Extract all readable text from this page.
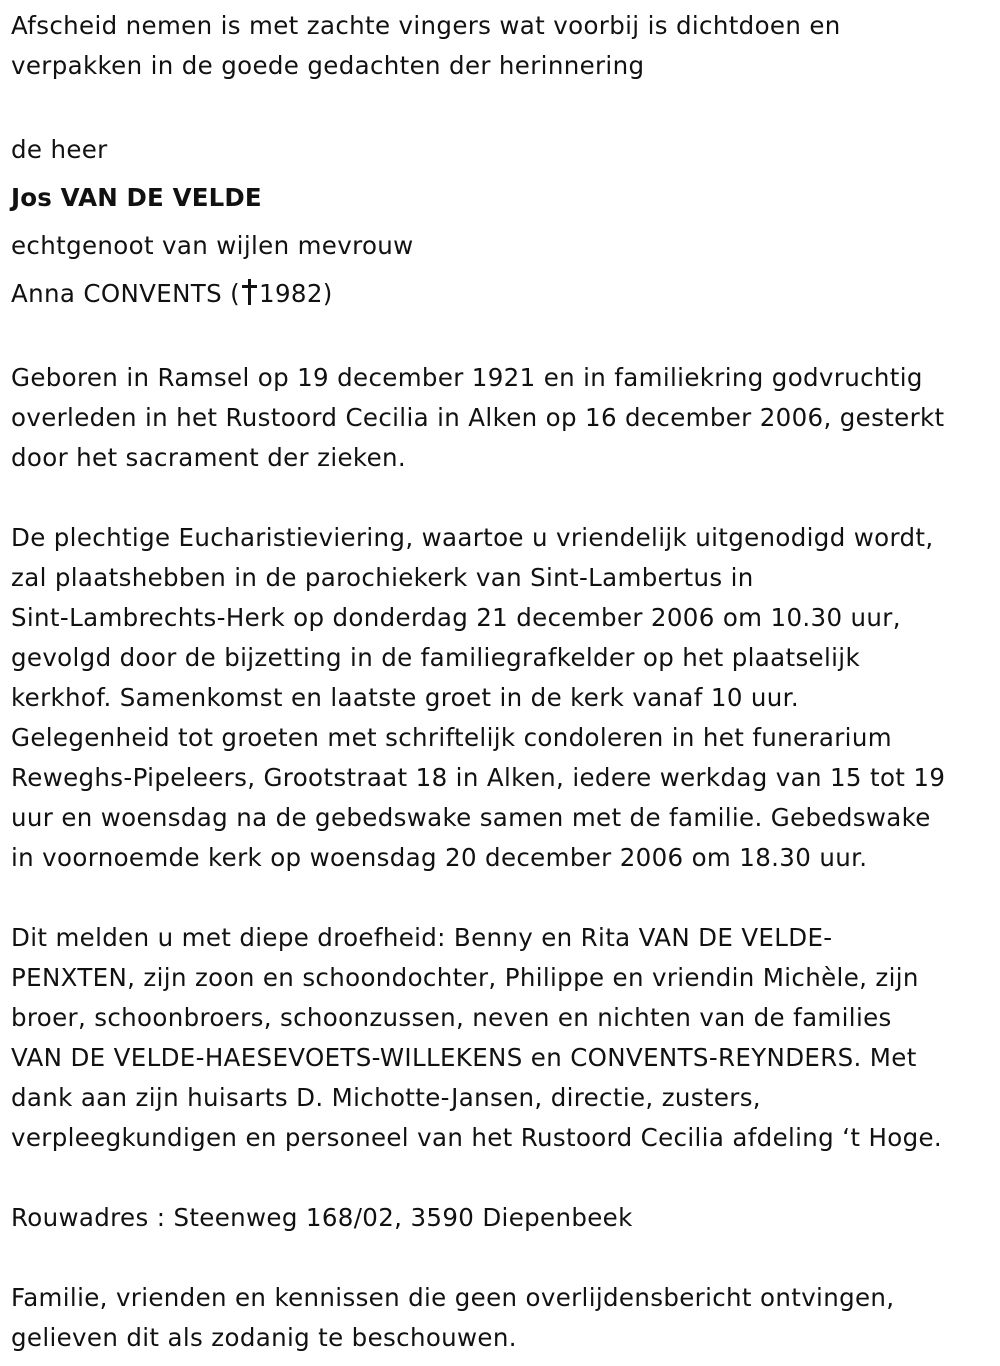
Afscheid nemen is met zachte vingers wat voorbij is dichtdoen en
verpakken in de goede gedachten der herinnering

de heer

Jos VAN DE VELDE

echtgenoot van wijlen mevrouw

Anna CONVENTS ( 1982)

Geboren in Ramsel op 19 december 1921 en in familiekring godvruchtig
overleden in het Rustoord Cecilia in Alken op 16 december 2006, gesterkt
door het sacrament der zieken.

De plechtige Eucharistieviering, waartoe u vriendelijk uitgenodigd wordt,
zal plaatshebben in de parochiekerk van Sint-Lambertus in
Sint-Lambrechts-Herk op donderdag 21 december 2006 om 10.30 uur,
gevolgd door de bijzetting in de familiegrafkelder op het plaatselijk
kerkhof. Samenkomst en laatste groet in de kerk vanaf 10 uur.
Gelegenheid tot groeten met schriftelijk condoleren in het funerarium
Reweghs-Pipeleers, Grootstraat 18 in Alken, iedere werkdag van 15 tot 19
uur en woensdag na de gebedswake samen met de familie. Gebedswake
in voornoemde kerk op woensdag 20 december 2006 om 18.30 uur.

Dit melden u met diepe droefheid: Benny en Rita VAN DE VELDE-
PENXTEN, zijn zoon en schoondochter, Philippe en vriendin Michèle, zijn
broer, schoonbroers, schoonzussen, neven en nichten van de families
VAN DE VELDE-HAESEVOETS-WILLEKENS en CONVENTS-REYNDERS. Met
dank aan zijn huisarts D. Michotte-Jansen, directie, zusters,
verpleegkundigen en personeel van het Rustoord Cecilia afdeling ‘t Hoge.

Rouwadres : Steenweg 168/02, 3590 Diepenbeek

Familie, vrienden en kennissen die geen overlijdensbericht ontvingen,
gelieven dit als zodanig te beschouwen.
